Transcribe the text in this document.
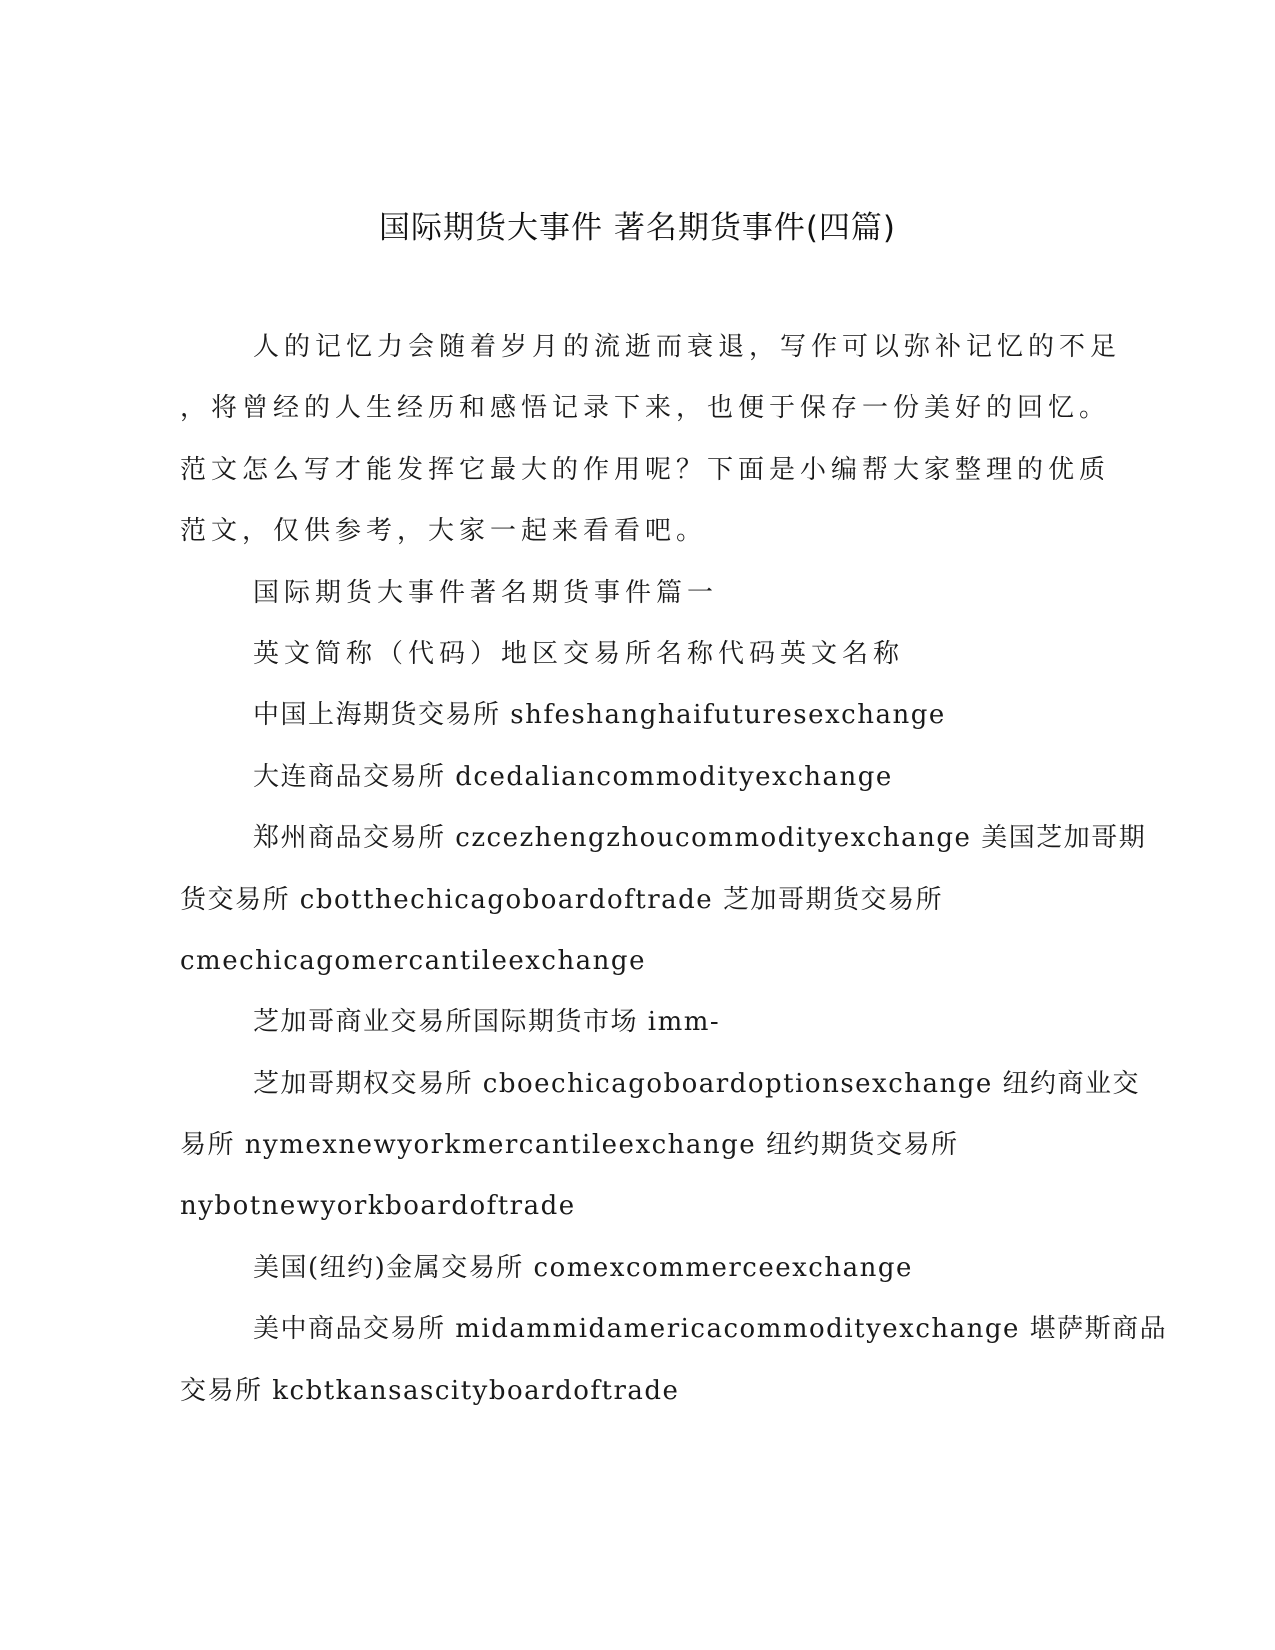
国际期货大事件 著名期货事件(四篇)
人的记忆力会随着岁月的流逝而衰退，写作可以弥补记忆的不足
，将曾经的人生经历和感悟记录下来，也便于保存一份美好的回忆。
范文怎么写才能发挥它最大的作用呢？下面是小编帮大家整理的优质
范文，仅供参考，大家一起来看看吧。
国际期货大事件著名期货事件篇一
英文简称（代码）地区交易所名称代码英文名称
中国上海期货交易所 shfeshanghaifuturesexchange
大连商品交易所 dcedaliancommodityexchange
郑州商品交易所 czcezhengzhoucommodityexchange 美国芝加哥期
货交易所 cbotthechicagoboardoftrade 芝加哥期货交易所
cmechicagomercantileexchange
芝加哥商业交易所国际期货市场 imm-
芝加哥期权交易所 cboechicagoboardoptionsexchange 纽约商业交
易所 nymexnewyorkmercantileexchange 纽约期货交易所
nybotnewyorkboardoftrade
美国(纽约)金属交易所 comexcommerceexchange
美中商品交易所 midammidamericacommodityexchange 堪萨斯商品
交易所 kcbtkansascityboardoftrade
